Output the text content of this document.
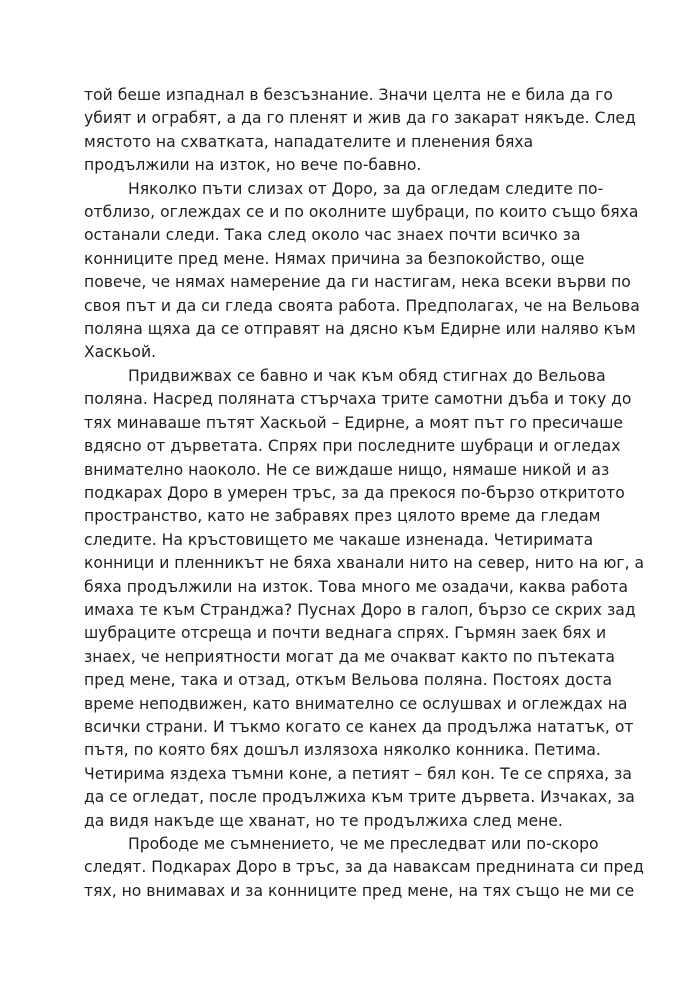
той беше изпаднал в безсъзнание. Значи целта не е била да го
убият и ограбят, а да го пленят и жив да го закарат някъде. След
мястото на схватката, нападателите и пленения бяха
продължили на изток, но вече по-бавно.
Няколко пъти слизах от Доро, за да огледам следите по-
отблизо, оглеждах се и по околните шубраци, по които също бяха
останали следи. Така след около час знаех почти всичко за
конниците пред мене. Нямах причина за безпокойство, още
повече, че нямах намерение да ги настигам, нека всеки върви по
своя път и да си гледа своята работа. Предполагах, че на Вельова
поляна щяха да се отправят на дясно към Едирне или наляво към
Хаскьой.
Придвижвах се бавно и чак към обяд стигнах до Вельова
поляна. Насред поляната стърчаха трите самотни дъба и току до
тях минаваше пътят Хаскьой – Едирне, а моят път го пресичаше
вдясно от дърветата. Спрях при последните шубраци и огледах
внимателно наоколо. Не се виждаше нищо, нямаше никой и аз
подкарах Доро в умерен тръс, за да прекося по-бързо откритото
пространство, като не забравях през цялото време да гледам
следите. На кръстовището ме чакаше изненада. Четиримата
конници и пленникът не бяха хванали нито на север, нито на юг, а
бяха продължили на изток. Това много ме озадачи, каква работа
имаха те към Странджа? Пуснах Доро в галоп, бързо се скрих зад
шубраците отсреща и почти веднага спрях. Гърмян заек бях и
знаех, че неприятности могат да ме очакват както по пътеката
пред мене, така и отзад, откъм Вельова поляна. Постоях доста
време неподвижен, като внимателно се ослушвах и оглеждах на
всички страни. И тъкмо когато се канех да продължа нататък, от
пътя, по която бях дошъл излязоха няколко конника. Петима.
Четирима яздеха тъмни коне, а петият – бял кон. Те се спряха, за
да се огледат, после продължиха към трите дървета. Изчаках, за
да видя накъде ще хванат, но те продължиха след мене.
Прободе ме съмнението, че ме преследват или по-скоро
следят. Подкарах Доро в тръс, за да наваксам преднината си пред
тях, но внимавах и за конниците пред мене, на тях също не ми се
